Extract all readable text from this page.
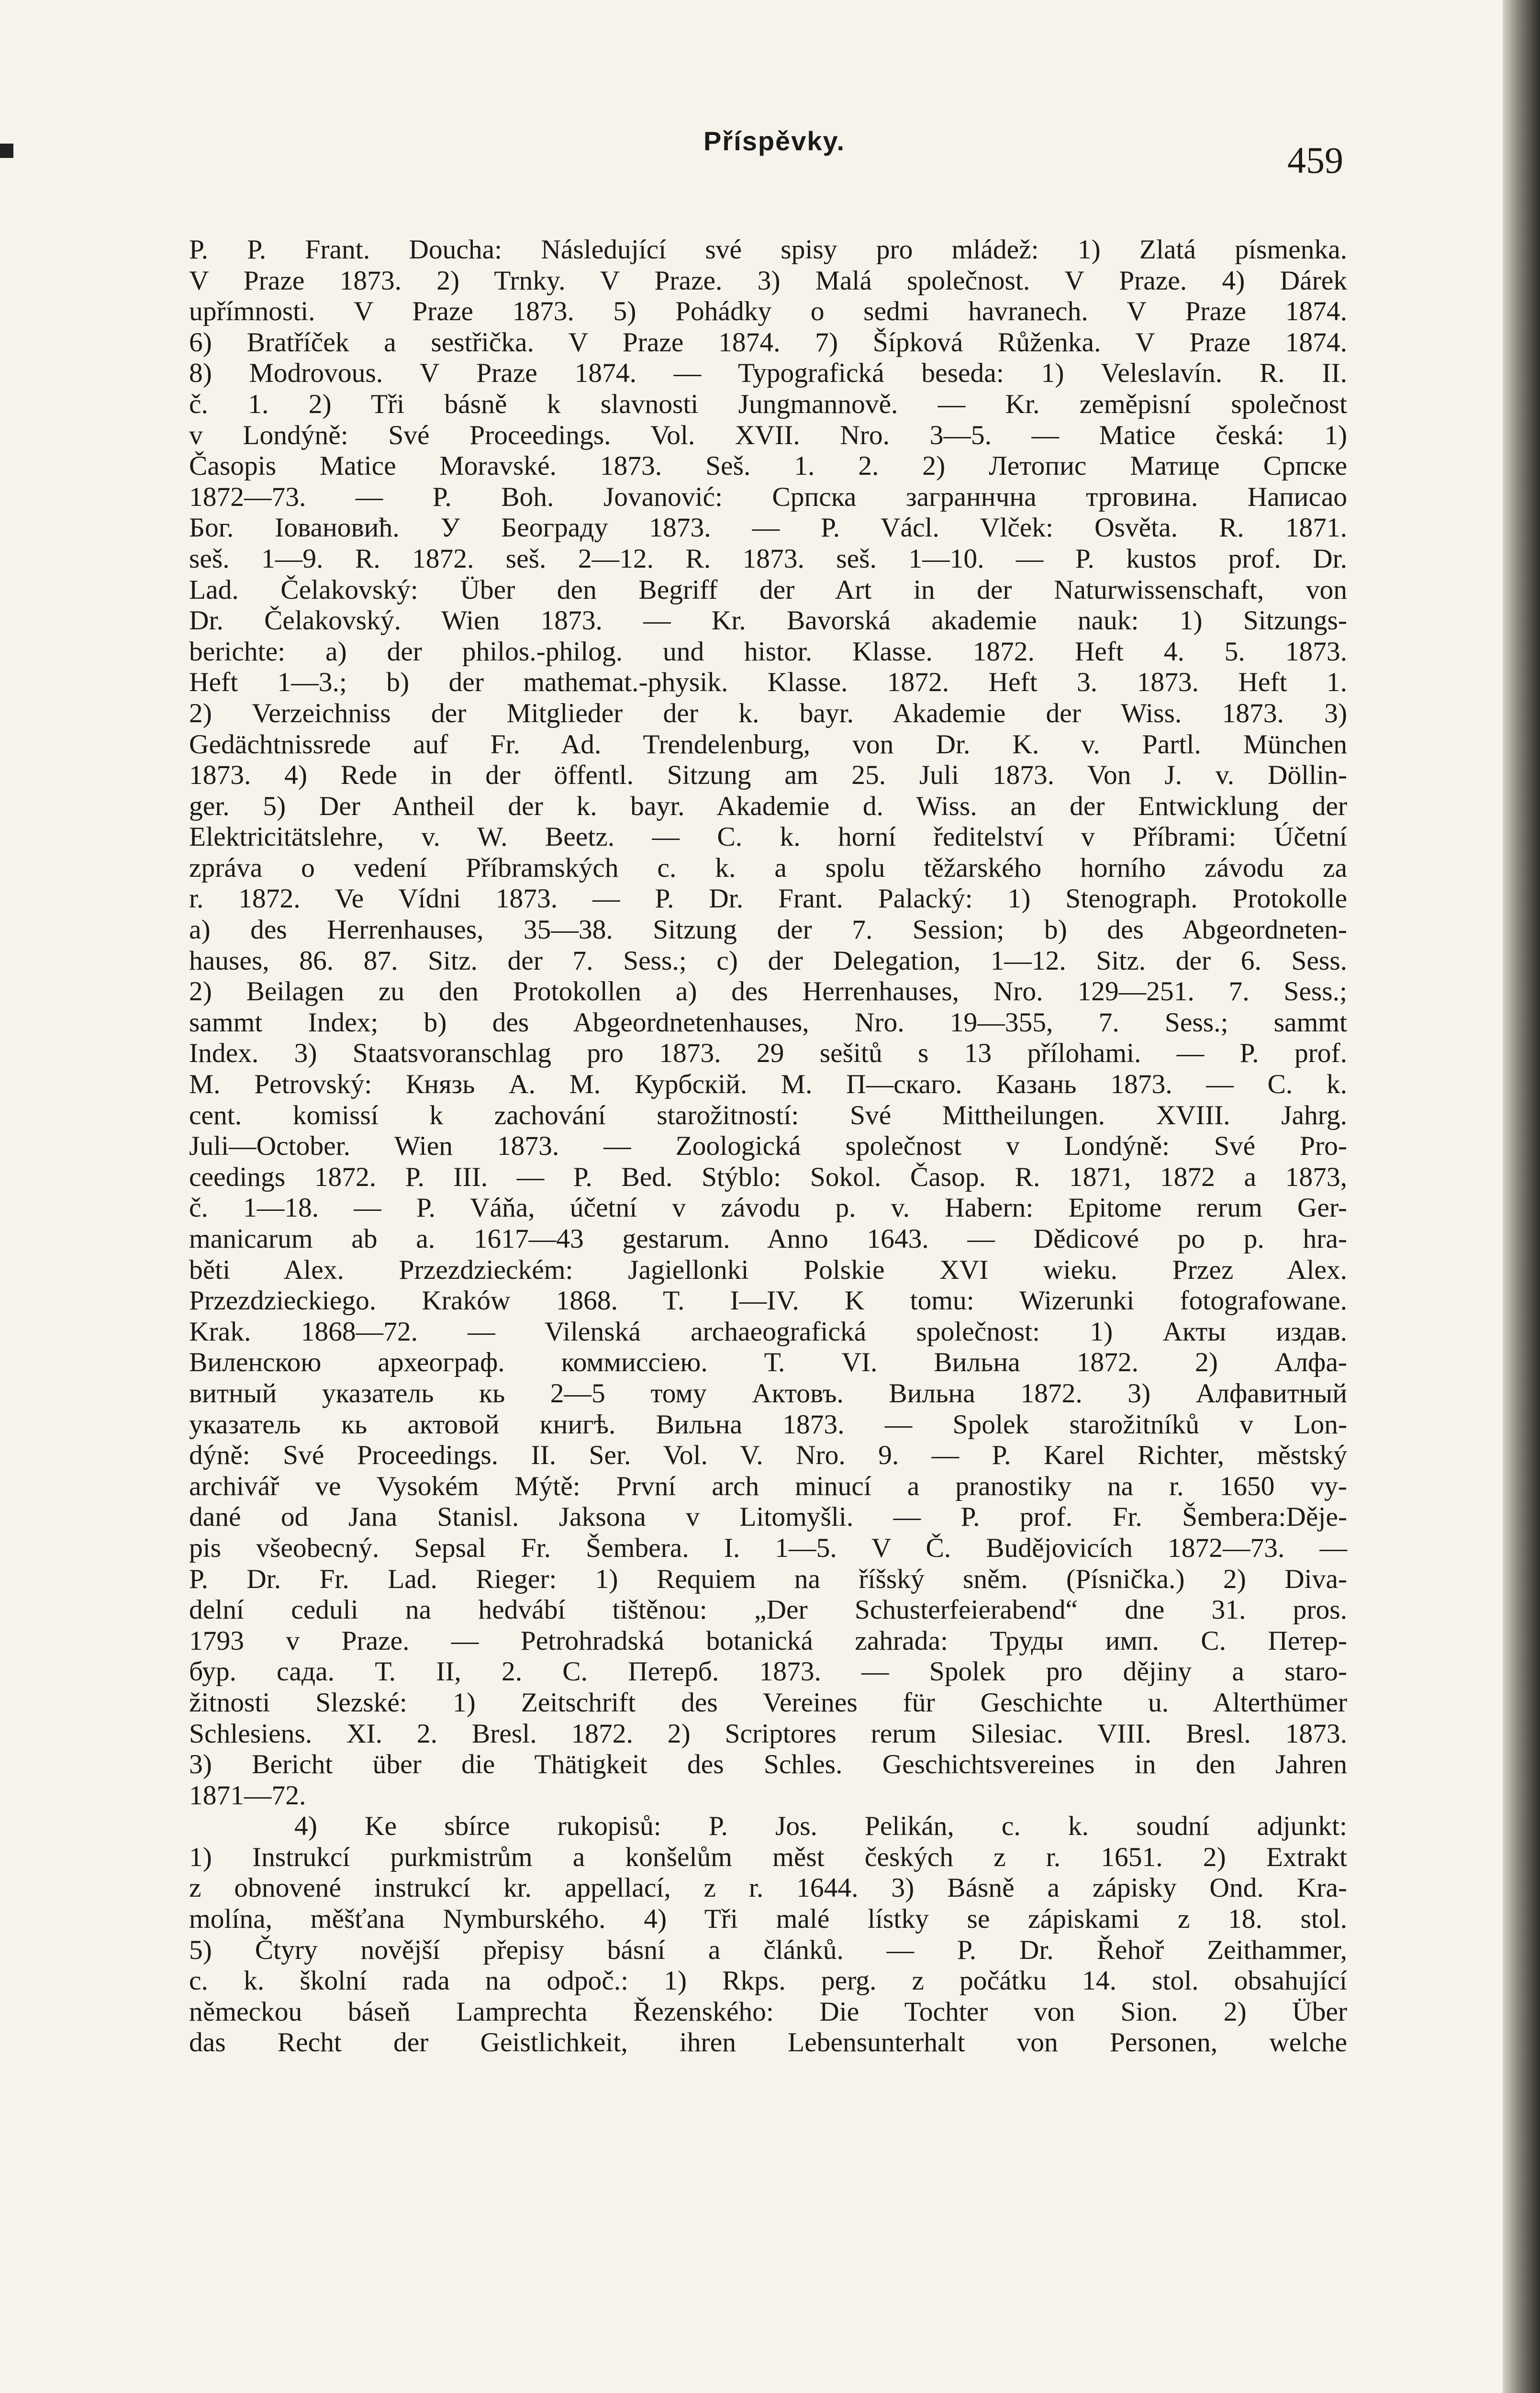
Příspěvky.	459
P. P. Frant. Doucha: Následující své spisy pro mládež: 1) Zlatá písmenka.
V Praze 1873. 2) Trnky. V Praze. 3) Malá společnost. V Praze. 4) Dárek
upřímnosti. V Praze 1873. 5) Pohádky o sedmi havranech. V Praze 1874.
6) Bratříček a sestřička. V Praze 1874. 7) Šípková Růženka. V Praze 1874.
8) Modrovous. V Praze 1874. — Typografická beseda: 1) Veleslavín. R. II.
č. 1. 2) Tři básně k slavnosti Jungmannově. — Kr. zeměpisní společnost
v Londýně: Své Proceedings. Vol. XVII. Nro. 3—5. — Matice česká: 1)
Časopis Matice Moravské. 1873. Seš. 1. 2. 2) Летопис Матице Српске
1872—73. — P. Boh. Jovanović: Српска заграннчна трговина. Написао
Бог. Іовановић. У Београду 1873. — P. Václ. Vlček: Osvěta. R. 1871.
seš. 1—9. R. 1872. seš. 2—12. R. 1873. seš. 1—10. — P. kustos prof. Dr.
Lad. Čelakovský: Über den Begriff der Art in der Naturwissenschaft, von
Dr. Čelakovský. Wien 1873. — Kr. Bavorská akademie nauk: 1) Sitzungs-
berichte: a) der philos.-philog. und histor. Klasse. 1872. Heft 4. 5. 1873.
Heft 1—3.; b) der mathemat.-physik. Klasse. 1872. Heft 3. 1873. Heft 1.
2) Verzeichniss der Mitglieder der k. bayr. Akademie der Wiss. 1873. 3)
Gedächtnissrede auf Fr. Ad. Trendelenburg, von Dr. K. v. Partl. München
1873. 4) Rede in der öffentl. Sitzung am 25. Juli 1873. Von J. v. Döllin-
ger. 5) Der Antheil der k. bayr. Akademie d. Wiss. an der Entwicklung der
Elektricitätslehre, v. W. Beetz. — C. k. horní ředitelství v Příbrami: Účetní
zpráva o vedení Příbramských c. k. a spolu těžarského horního závodu za
r. 1872. Ve Vídni 1873. — P. Dr. Frant. Palacký: 1) Stenograph. Protokolle
a) des Herrenhauses, 35—38. Sitzung der 7. Session; b) des Abgeordneten-
hauses, 86. 87. Sitz. der 7. Sess.; c) der Delegation, 1—12. Sitz. der 6. Sess.
2) Beilagen zu den Protokollen a) des Herrenhauses, Nro. 129—251. 7. Sess.;
sammt Index; b) des Abgeordnetenhauses, Nro. 19—355, 7. Sess.; sammt
Index. 3) Staatsvoranschlag pro 1873. 29 sešitů s 13 přílohami. — P. prof.
M. Petrovský: Князь А. М. Курбскій. М. П—скаго. Казань 1873. — C. k.
cent. komissí k zachování starožitností: Své Mittheilungen. XVIII. Jahrg.
Juli—October. Wien 1873. — Zoologická společnost v Londýně: Své Pro-
ceedings 1872. P. III. — P. Bed. Stýblo: Sokol. Časop. R. 1871, 1872 a 1873,
č. 1—18. — P. Váňa, účetní v závodu p. v. Habern: Epitome rerum Ger-
manicarum ab a. 1617—43 gestarum. Anno 1643. — Dědicové po p. hra-
běti Alex. Przezdzieckém: Jagiellonki Polskie XVI wieku. Przez Alex.
Przezdzieckiego. Kraków 1868. T. I—IV. K tomu: Wizerunki fotografowane.
Krak. 1868—72. — Vilenská archaeografická společnost: 1) Акты издав.
Виленскою археограф. коммиссіею. Т. VI. Вильна 1872. 2) Алфа-
витный указатель кь 2—5 тому Актовъ. Вильна 1872. 3) Алфавитный
указатель кь актовой книгѣ. Вильна 1873. — Spolek starožitníků v Lon-
dýně: Své Proceedings. II. Ser. Vol. V. Nro. 9. — P. Karel Richter, městský
archivář ve Vysokém Mýtě: První arch minucí a pranostiky na r. 1650 vy-
dané od Jana Stanisl. Jaksona v Litomyšli. — P. prof. Fr. Šembera:Děje-
pis všeobecný. Sepsal Fr. Šembera. I. 1—5. V Č. Budějovicích 1872—73. —
P. Dr. Fr. Lad. Rieger: 1) Requiem na říšský sněm. (Písnička.) 2) Diva-
delní ceduli na hedvábí tištěnou: „Der Schusterfeierabend“ dne 31. pros.
1793 v Praze. — Petrohradská botanická zahrada: Труды имп. С. Петер-
бур. сада. Т. II, 2. С. Петерб. 1873. — Spolek pro dějiny a staro-
žitnosti Slezské: 1) Zeitschrift des Vereines für Geschichte u. Alterthümer
Schlesiens. XI. 2. Bresl. 1872. 2) Scriptores rerum Silesiac. VIII. Bresl. 1873.
3) Bericht über die Thätigkeit des Schles. Geschichtsvereines in den Jahren
1871—72.
4) Ke sbírce rukopisů: P. Jos. Pelikán, c. k. soudní adjunkt:
1) Instrukcí purkmistrům a konšelům měst českých z r. 1651. 2) Extrakt
z obnovené instrukcí kr. appellací, z r. 1644. 3) Básně a zápisky Ond. Kra-
molína, měšťana Nymburského. 4) Tři malé lístky se zápiskami z 18. stol.
5) Čtyry novější přepisy básní a článků. — P. Dr. Řehoř Zeithammer,
c. k. školní rada na odpoč.: 1) Rkps. perg. z počátku 14. stol. obsahující
německou báseň Lamprechta Řezenského: Die Tochter von Sion. 2) Über
das Recht der Geistlichkeit, ihren Lebensunterhalt von Personen, welche
